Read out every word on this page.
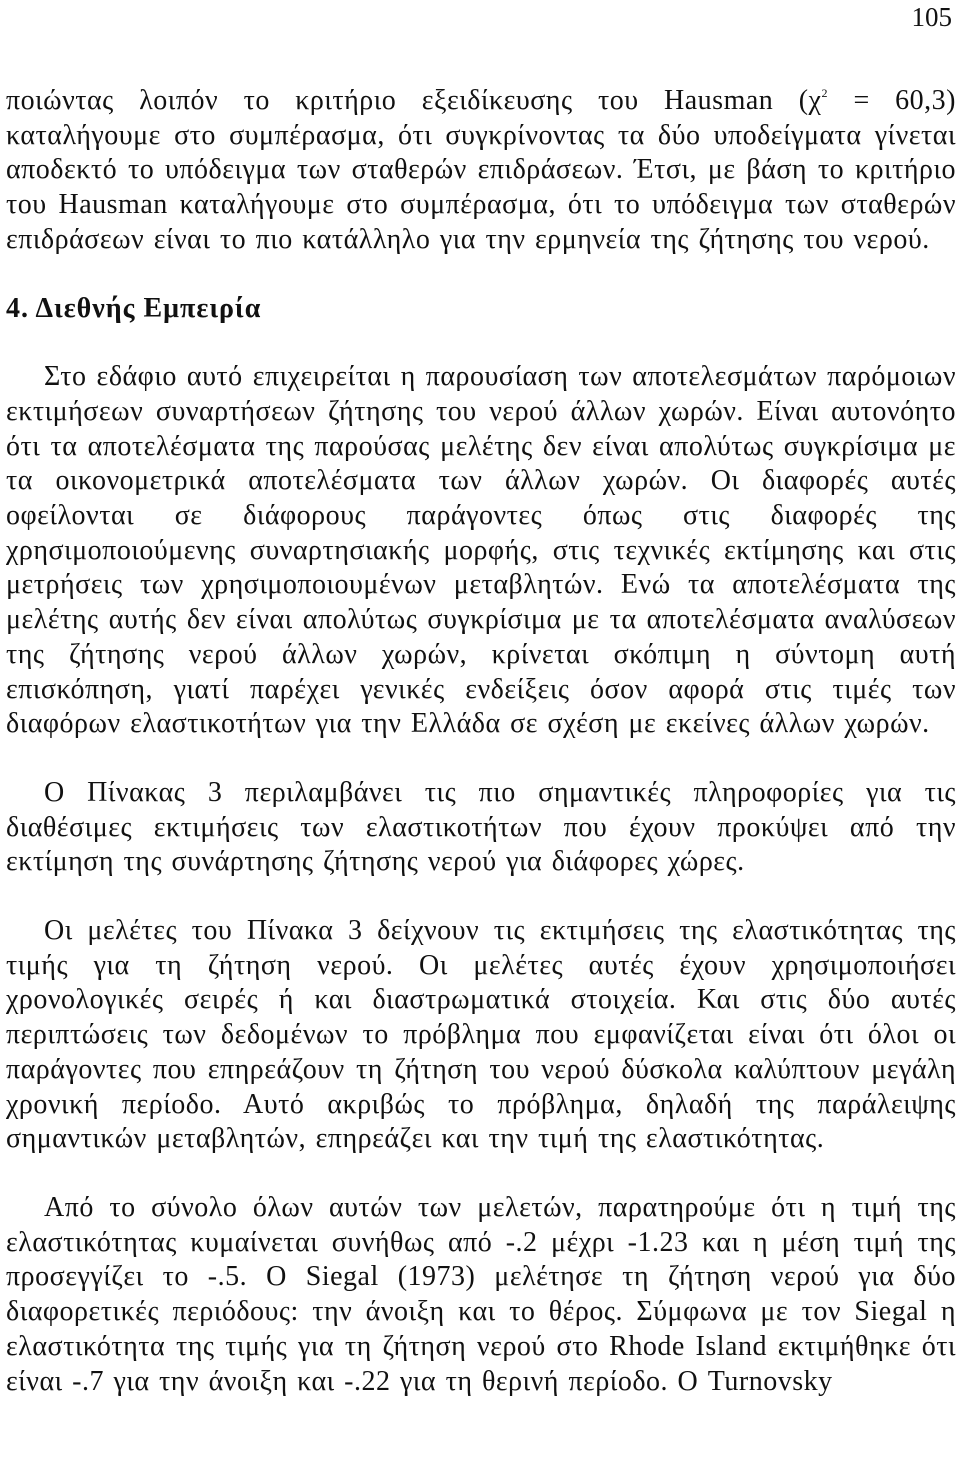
105

ποιώντας λοιπόν το κριτήριο εξειδίκευσης του Hausman $(\chi^2 = 60,3)$ καταλήγουμε στο συμπέρασμα, ότι συγκρίνοντας τα δύο υποδείγματα γίνεται αποδεκτό το υπόδειγμα των σταθερών επιδράσεων. Έτσι, με βάση το κριτήριο του Hausman καταλήγουμε στο συμπέρασμα, ότι το υπόδειγμα των σταθερών επιδράσεων είναι το πιο κατάλληλο για την ερμηνεία της ζήτησης του νερού.

4. Διεθνής Εμπειρία

Στο εδάφιο αυτό επιχειρείται η παρουσίαση των αποτελεσμάτων παρόμοιων εκτιμήσεων συναρτήσεων ζήτησης του νερού άλλων χωρών. Είναι αυτονόητο ότι τα αποτελέσματα της παρούσας μελέτης δεν είναι απολύτως συγκρίσιμα με τα οικονομετρικά αποτελέσματα των άλλων χωρών. Οι διαφορές αυτές οφείλονται σε διάφορους παράγοντες όπως στις διαφορές της χρησιμοποιούμενης συναρτησιακής μορφής, στις τεχνικές εκτίμησης και στις μετρήσεις των χρησιμοποιουμένων μεταβλητών. Ενώ τα αποτελέσματα της μελέτης αυτής δεν είναι απολύτως συγκρίσιμα με τα αποτελέσματα αναλύσεων της ζήτησης νερού άλλων χωρών, κρίνεται σκόπιμη η σύντομη αυτή επισκόπηση, γιατί παρέχει γενικές ενδείξεις όσον αφορά στις τιμές των διαφόρων ελαστικοτήτων για την Ελλάδα σε σχέση με εκείνες άλλων χωρών.

Ο Πίνακας 3 περιλαμβάνει τις πιο σημαντικές πληροφορίες για τις διαθέσιμες εκτιμήσεις των ελαστικοτήτων που έχουν προκύψει από την εκτίμηση της συνάρτησης ζήτησης νερού για διάφορες χώρες.

Οι μελέτες του Πίνακα 3 δείχνουν τις εκτιμήσεις της ελαστικότητας της τιμής για τη ζήτηση νερού. Οι μελέτες αυτές έχουν χρησιμοποιήσει χρονολογικές σειρές ή και διαστρωματικά στοιχεία. Και στις δύο αυτές περιπτώσεις των δεδομένων το πρόβλημα που εμφανίζεται είναι ότι όλοι οι παράγοντες που επηρεάζουν τη ζήτηση του νερού δύσκολα καλύπτουν μεγάλη χρονική περίοδο. Αυτό ακριβώς το πρόβλημα, δηλαδή της παράλειψης σημαντικών μεταβλητών, επηρεάζει και την τιμή της ελαστικότητας.

Από το σύνολο όλων αυτών των μελετών, παρατηρούμε ότι η τιμή της ελαστικότητας κυμαίνεται συνήθως από -.2 μέχρι -1.23 και η μέση τιμή της προσεγγίζει το -.5. Ο Siegal (1973) μελέτησε τη ζήτηση νερού για δύο διαφορετικές περιόδους: την άνοιξη και το θέρος. Σύμφωνα με τον Siegal η ελαστικότητα της τιμής για τη ζήτηση νερού στο Rhode Island εκτιμήθηκε ότι είναι -.7 για την άνοιξη και -.22 για τη θερινή περίοδο. Ο Turnovsky
